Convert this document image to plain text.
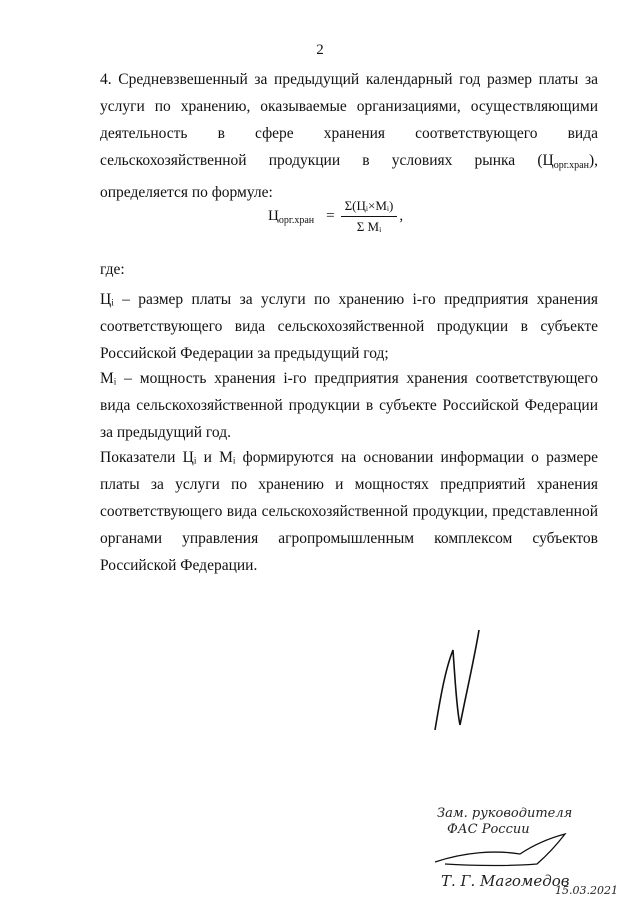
2

4. Средневзвешенный за предыдущий календарный год размер платы за услуги по хранению, оказываемые организациями, осуществляющими деятельность в сфере хранения соответствующего вида сельскохозяйственной продукции в условиях рынка $(Ц_{орг.хран})$, определяется по формуле:

$Ц_{орг.хран} = \frac{\text{Σ(Цᵢ×Мᵢ)}}{\text{Σ Мᵢ}}$ ,
где:

Цᵢ – размер платы за услуги по хранению i-го предприятия хранения соответствующего вида сельскохозяйственной продукции в субъекте Российской Федерации за предыдущий год;

Мᵢ – мощность хранения i-го предприятия хранения соответствующего вида сельскохозяйственной продукции в субъекте Российской Федерации за предыдущий год.

Показатели Цᵢ и Мᵢ формируются на основании информации о размере платы за услуги по хранению и мощностях предприятий хранения соответствующего вида сельскохозяйственной продукции, представленной органами управления агропромышленным комплексом субъектов Российской Федерации.

Зам. руководителя
ФАС России
Т. Г. Магомедов
15.03.2021
